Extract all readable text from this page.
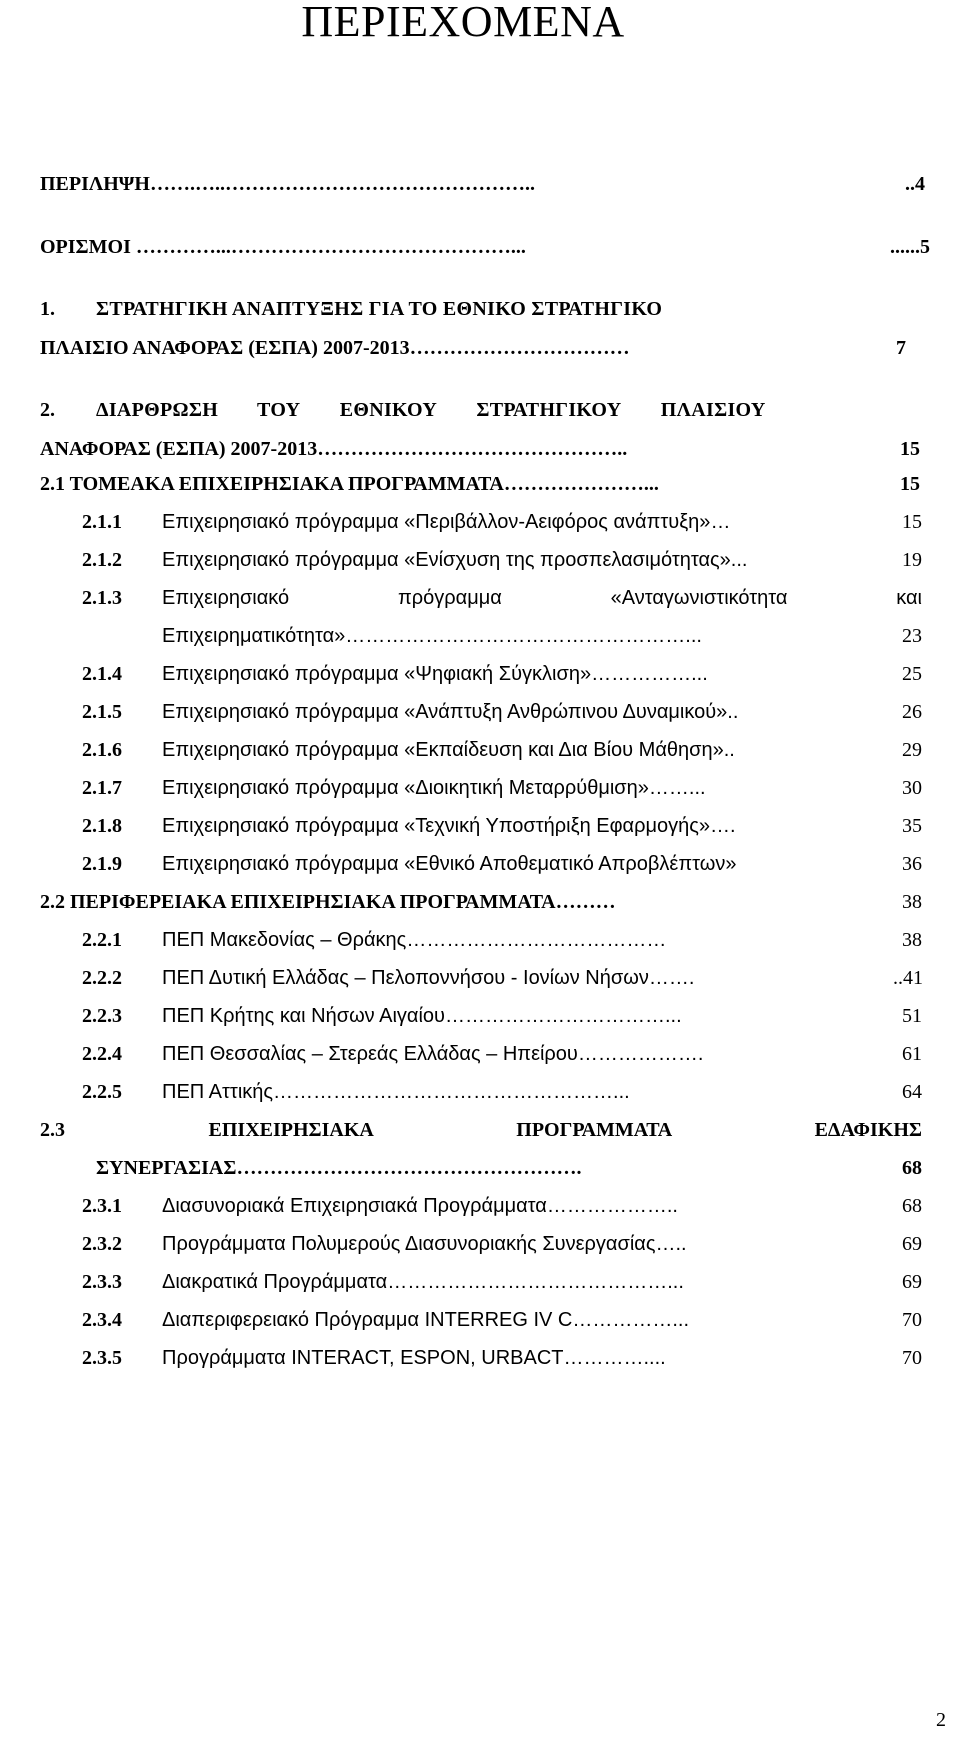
ΠΕΡΙΕΧΟΜΕΝΑ
ΠΕΡΙΛΗΨΗ…….…..………………………………………..	..4
ΟΡΙΣΜΟΙ …………...……………………………………...	......5
1. ΣΤΡΑΤΗΓΙΚΗ ΑΝΑΠΤΥΞΗΣ ΓΙΑ ΤΟ ΕΘΝΙΚΟ ΣΤΡΑΤΗΓΙΚΟ
ΠΛΑΙΣΙΟ ΑΝΑΦΟΡΑΣ (ΕΣΠΑ) 2007-2013……………………………	7
2. ΔΙΑΡΘΡΩΣΗ ΤΟΥ ΕΘΝΙΚΟΥ ΣΤΡΑΤΗΓΙΚΟΥ ΠΛΑΙΣΙΟΥ
ΑΝΑΦΟΡΑΣ (ΕΣΠΑ) 2007-2013………………………………………..	15
2.1 ΤΟΜΕΑΚΑ ΕΠΙΧΕΙΡΗΣΙΑΚΑ ΠΡΟΓΡΑΜΜΑΤΑ…………………...	15
2.1.1 Επιχειρησιακό πρόγραμμα «Περιβάλλον-Αειφόρος ανάπτυξη»…	15
2.1.2 Επιχειρησιακό πρόγραμμα «Ενίσχυση της προσπελασιμότητας»...	19
2.1.3 Επιχειρησιακό πρόγραμμα «Ανταγωνιστικότητα και
Επιχειρηματικότητα»……………………………………………...	23
2.1.4 Επιχειρησιακό πρόγραμμα «Ψηφιακή Σύγκλιση»……………...	25
2.1.5 Επιχειρησιακό πρόγραμμα «Ανάπτυξη Ανθρώπινου Δυναμικού»..	26
2.1.6 Επιχειρησιακό πρόγραμμα «Εκπαίδευση και Δια Βίου Μάθηση»..	29
2.1.7 Επιχειρησιακό πρόγραμμα «Διοικητική Μεταρρύθμιση»……...	30
2.1.8 Επιχειρησιακό πρόγραμμα «Τεχνική Υποστήριξη Εφαρμογής»….	35
2.1.9 Επιχειρησιακό πρόγραμμα «Εθνικό Αποθεματικό Απροβλέπτων»	36
2.2 ΠΕΡΙΦΕΡΕΙΑΚΑ ΕΠΙΧΕΙΡΗΣΙΑΚΑ ΠΡΟΓΡΑΜΜΑΤΑ………	38
2.2.1 ΠΕΠ Μακεδονίας – Θράκης…………………………………	38
2.2.2 ΠΕΠ Δυτική Ελλάδας – Πελοποννήσου - Ιονίων Νήσων…….	..41
2.2.3 ΠΕΠ Κρήτης και Νήσων Αιγαίου……………………………...	51
2.2.4 ΠΕΠ Θεσσαλίας – Στερεάς Ελλάδας – Ηπείρου……………….	61
2.2.5 ΠΕΠ Αττικής……………………………………………...	64
2.3 ΕΠΙΧΕΙΡΗΣΙΑΚΑ ΠΡΟΓΡΑΜΜΑΤΑ ΕΔΑΦΙΚΗΣ
ΣΥΝΕΡΓΑΣΙΑΣ…………………………………………….	68
2.3.1 Διασυνοριακά Επιχειρησιακά Προγράμματα………………..	68
2.3.2 Προγράμματα Πολυμερούς Διασυνοριακής Συνεργασίας…..	69
2.3.3 Διακρατικά Προγράμματα……………………………………...	69
2.3.4 Διαπεριφερειακό Πρόγραμμα INTERREG IV C……………...	70
2.3.5 Προγράμματα INTERACT, ESPON, URBACT…………....	70
2
